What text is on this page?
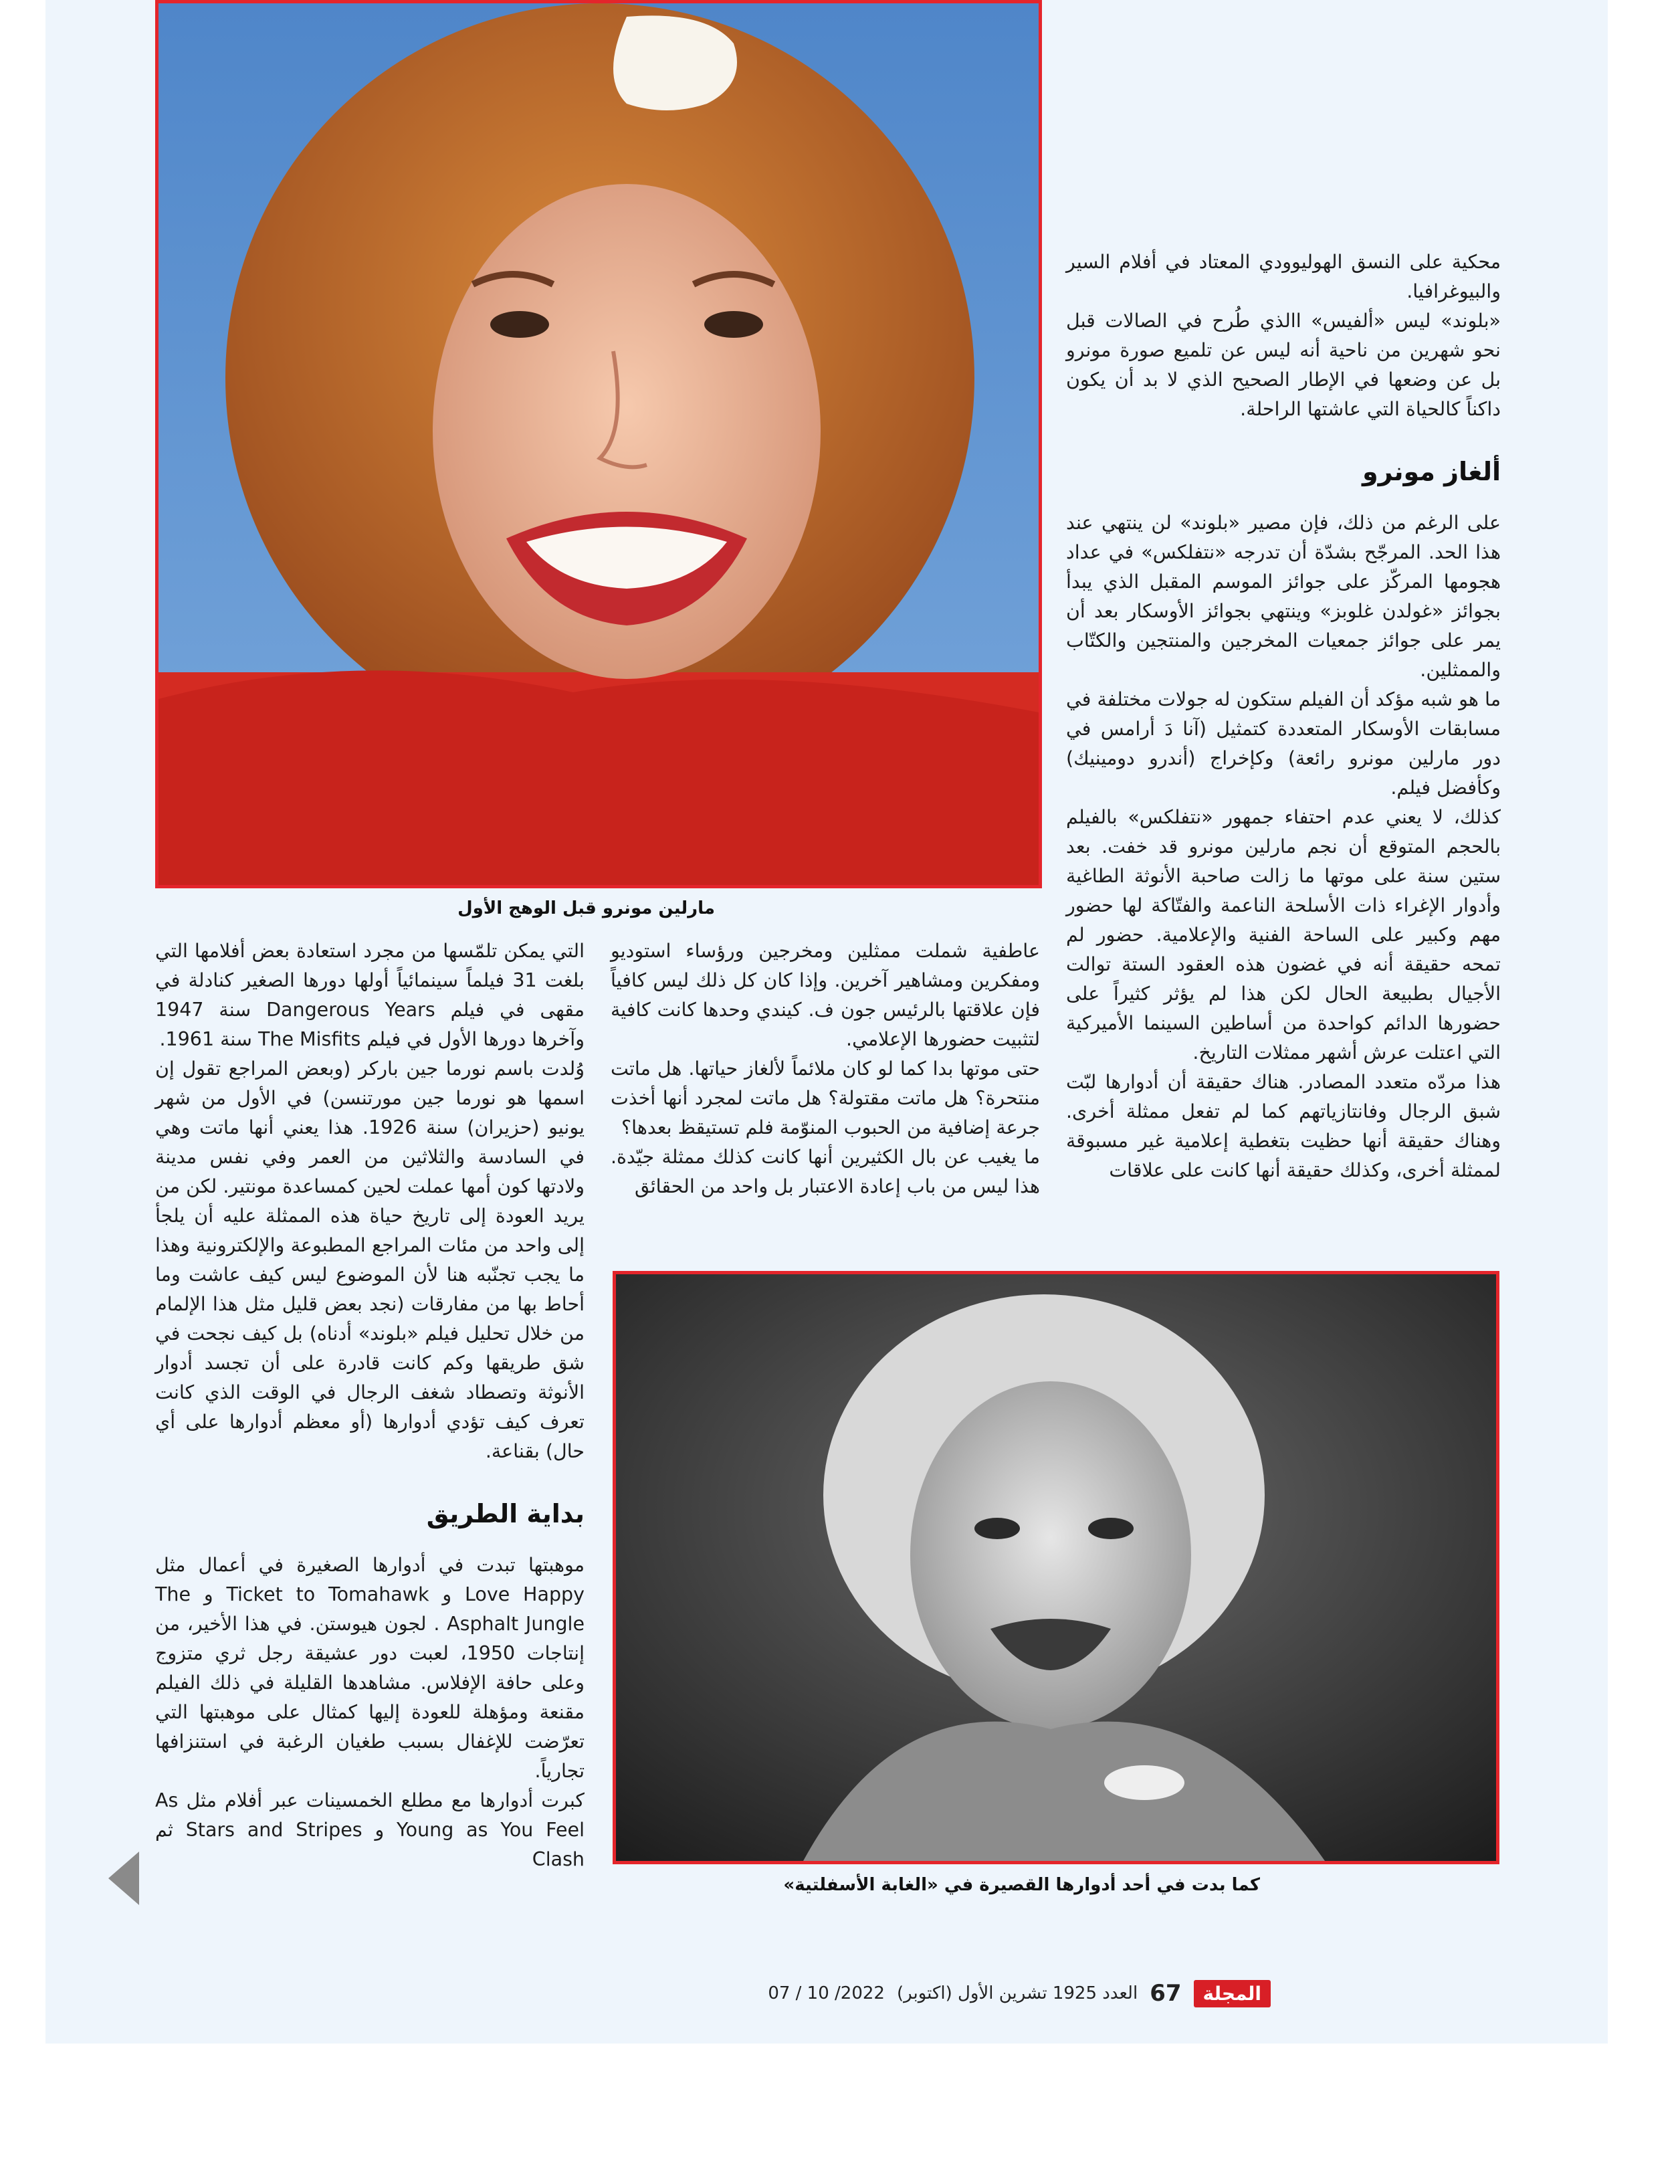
مارلين مونرو قبل الوهج الأول
كما بدت في أحد أدوارها القصيرة في «الغابة الأسفلتية»

محكية على النسق الهوليوودي المعتاد في أفلام السير والبيوغرافيا.

«بلوند» ليس «ألفيس» االذي طُرح في الصالات قبل نحو شهرين من ناحية أنه ليس عن تلميع صورة مونرو بل عن وضعها في الإطار الصحيح الذي لا بد أن يكون داكناً كالحياة التي عاشتها الراحلة.

ألغاز مونرو

على الرغم من ذلك، فإن مصير «بلوند» لن ينتهي عند هذا الحد. المرجّح بشدّة أن تدرجه «نتفلكس» في عداد هجومها المركّز على جوائز الموسم المقبل الذي يبدأ بجوائز «غولدن غلوبز» وينتهي بجوائز الأوسكار بعد أن يمر على جوائز جمعيات المخرجين والمنتجين والكتّاب والممثلين.

ما هو شبه مؤكد أن الفيلم ستكون له جولات مختلفة في مسابقات الأوسكار المتعددة كتمثيل (آنا دَ أرامس في دور مارلين مونرو رائعة) وكإخراج (أندرو دومينيك) وكأفضل فيلم.

كذلك، لا يعني عدم احتفاء جمهور «نتفلكس» بالفيلم بالحجم المتوقع أن نجم مارلين مونرو قد خفت. بعد ستين سنة على موتها ما زالت صاحبة الأنوثة الطاغية وأدوار الإغراء ذات الأسلحة الناعمة والفتّاكة لها حضور مهم وكبير على الساحة الفنية والإعلامية. حضور لم تمحه حقيقة أنه في غضون هذه العقود الستة توالت الأجيال بطبيعة الحال لكن هذا لم يؤثر كثيراً على حضورها الدائم كواحدة من أساطين السينما الأميركية التي اعتلت عرش أشهر ممثلات التاريخ.

هذا مردّه متعدد المصادر. هناك حقيقة أن أدوارها لبّت شبق الرجال وفانتازياتهم كما لم تفعل ممثلة أخرى. وهناك حقيقة أنها حظيت بتغطية إعلامية غير مسبوقة لممثلة أخرى، وكذلك حقيقة أنها كانت على علاقات

عاطفية شملت ممثلين ومخرجين ورؤساء استوديو ومفكرين ومشاهير آخرين. وإذا كان كل ذلك ليس كافياً فإن علاقتها بالرئيس جون ف. كيندي وحدها كانت كافية لتثبيت حضورها الإعلامي.

حتى موتها بدا كما لو كان ملائماً لألغاز حياتها. هل ماتت منتحرة؟ هل ماتت مقتولة؟ هل ماتت لمجرد أنها أخذت جرعة إضافية من الحبوب المنوّمة فلم تستيقظ بعدها؟

ما يغيب عن بال الكثيرين أنها كانت كذلك ممثلة جيّدة. هذا ليس من باب إعادة الاعتبار بل واحد من الحقائق

التي يمكن تلمّسها من مجرد استعادة بعض أفلامها التي بلغت 31 فيلماً سينمائياً أولها دورها الصغير كنادلة في مقهى في فيلم Dangerous Years سنة 1947 وآخرها دورها الأول في فيلم The Misfits سنة 1961.

وُلدت باسم نورما جين باركر (وبعض المراجع تقول إن اسمها هو نورما جين مورتنسن) في الأول من شهر يونيو (حزيران) سنة 1926. هذا يعني أنها ماتت وهي في السادسة والثلاثين من العمر وفي نفس مدينة ولادتها كون أمها عملت لحين كمساعدة مونتير. لكن من يريد العودة إلى تاريخ حياة هذه الممثلة عليه أن يلجأ إلى واحد من مئات المراجع المطبوعة والإلكترونية وهذا ما يجب تجنّبه هنا لأن الموضوع ليس كيف عاشت وما أحاط بها من مفارقات (نجد بعض قليل مثل هذا الإلمام من خلال تحليل فيلم «بلوند» أدناه) بل كيف نجحت في شق طريقها وكم كانت قادرة على أن تجسد أدوار الأنوثة وتصطاد شغف الرجال في الوقت الذي كانت تعرف كيف تؤدي أدوارها (أو معظم أدوارها على أي حال) بقناعة.

بداية الطريق

موهبتها تبدت في أدوارها الصغيرة في أعمال مثل Love Happy و Ticket to Tomahawk و The Asphalt Jungle . لجون هيوستن. في هذا الأخير، من إنتاجات 1950، لعبت دور عشيقة رجل ثري متزوج وعلى حافة الإفلاس. مشاهدها القليلة في ذلك الفيلم مقنعة ومؤهلة للعودة إليها كمثال على موهبتها التي تعرّضت للإغفال بسبب طغيان الرغبة في استنزافها تجارياً.

كبرت أدوارها مع مطلع الخمسينات عبر أفلام مثل As Young as You Feel و Stars and Stripes ثم Clash

المجلة
67
العدد 1925 تشرين الأول (اكتوبر)
07 / 10 /2022
